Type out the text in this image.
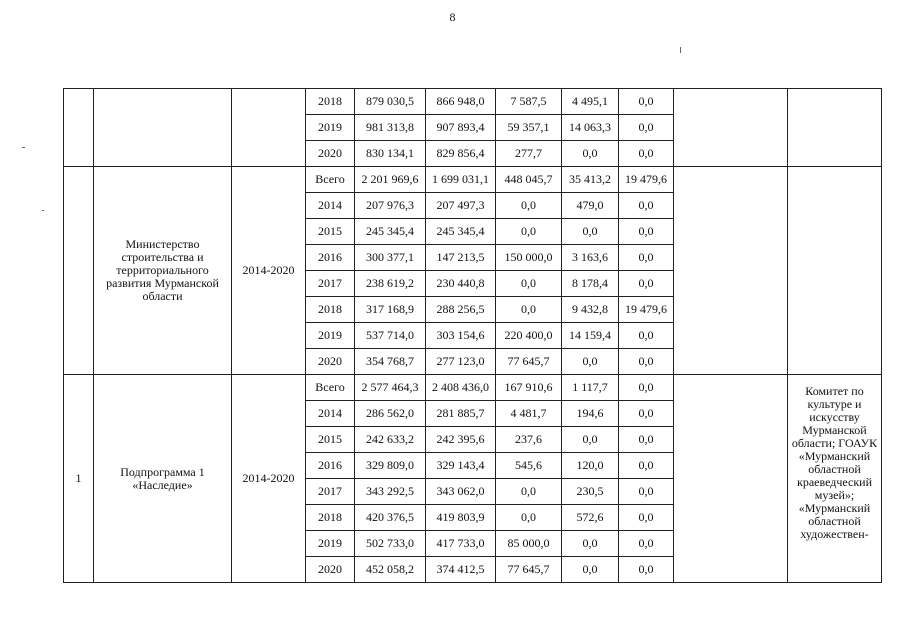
8
			2018	879 030,5	866 948,0	7 587,5	4 495,1	0,0		
			2019	981 313,8	907 893,4	59 357,1	14 063,3	0,0		
			2020	830 134,1	829 856,4	277,7	0,0	0,0		
	Министерство строительства и территориального развития Мурманской области	2014-2020	Всего	2 201 969,6	1 699 031,1	448 045,7	35 413,2	19 479,6		
			2014	207 976,3	207 497,3	0,0	479,0	0,0		
			2015	245 345,4	245 345,4	0,0	0,0	0,0		
			2016	300 377,1	147 213,5	150 000,0	3 163,6	0,0		
			2017	238 619,2	230 440,8	0,0	8 178,4	0,0		
			2018	317 168,9	288 256,5	0,0	9 432,8	19 479,6		
			2019	537 714,0	303 154,6	220 400,0	14 159,4	0,0		
			2020	354 768,7	277 123,0	77 645,7	0,0	0,0		
1	Подпрограмма 1 «Наследие»	2014-2020	Всего	2 577 464,3	2 408 436,0	167 910,6	1 117,7	0,0		Комитет по культуре и искусству Мурманской области; ГОАУК «Мурманский областной краеведческий музей»; «Мурманский областной художествен-
			2014	286 562,0	281 885,7	4 481,7	194,6	0,0		
			2015	242 633,2	242 395,6	237,6	0,0	0,0		
			2016	329 809,0	329 143,4	545,6	120,0	0,0		
			2017	343 292,5	343 062,0	0,0	230,5	0,0		
			2018	420 376,5	419 803,9	0,0	572,6	0,0		
			2019	502 733,0	417 733,0	85 000,0	0,0	0,0		
			2020	452 058,2	374 412,5	77 645,7	0,0	0,0		
